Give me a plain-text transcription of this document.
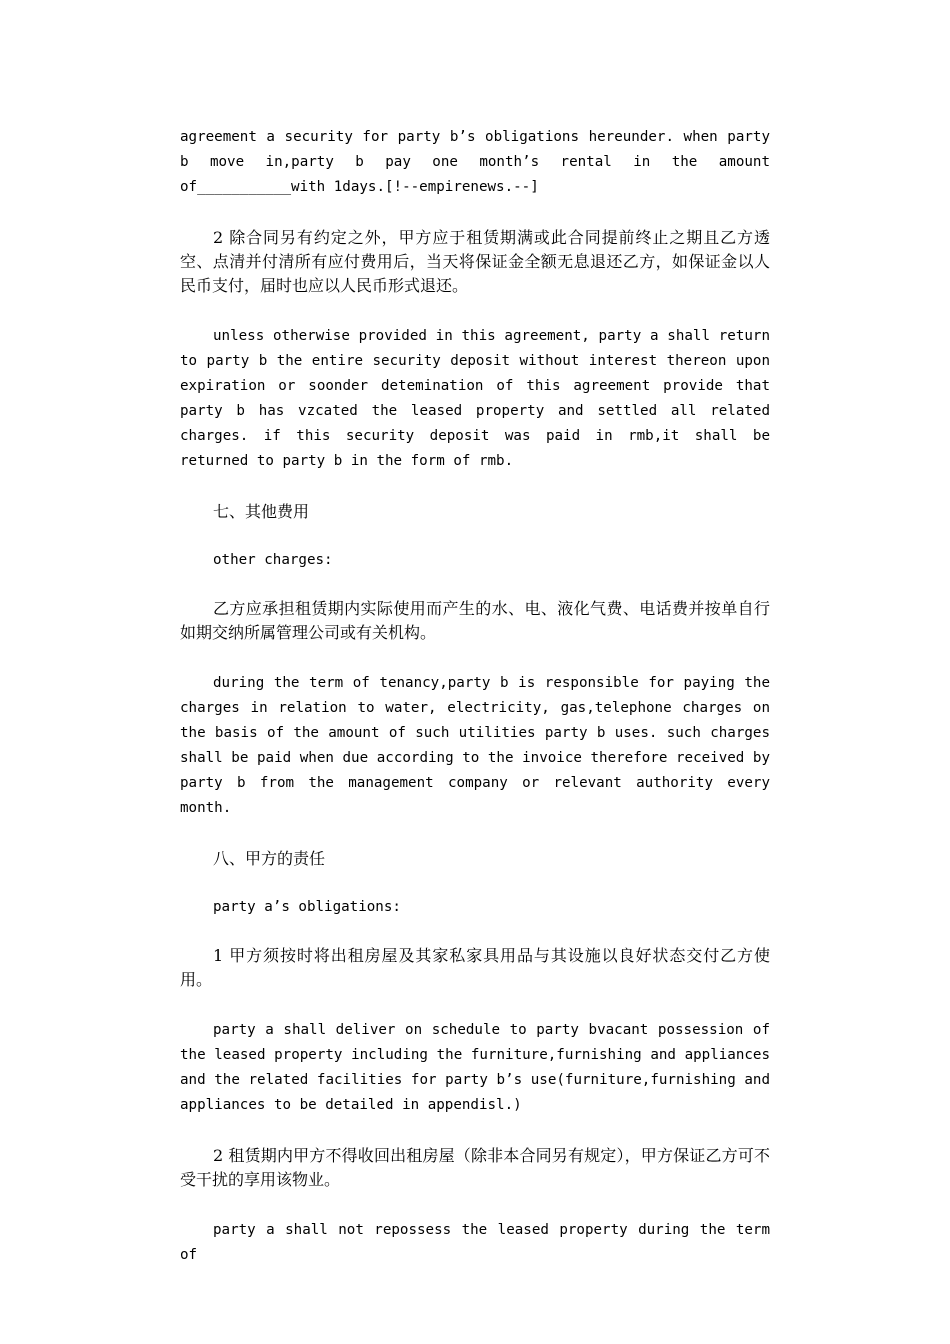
agreement a security for party b’s obligations hereunder. when party b move in,party b pay one month’s rental in the amount of___________with 1days.[!--empirenews.--]

2 除合同另有约定之外，甲方应于租赁期满或此合同提前终止之期且乙方透空、点清并付清所有应付费用后，当天将保证金全额无息退还乙方，如保证金以人民币支付，届时也应以人民币形式退还。

unless otherwise provided in this agreement, party a shall return to party b the entire security deposit without interest thereon upon expiration or soonder detemination of this agreement provide that party b has vzcated the leased property and settled all related charges. if this security deposit was paid in rmb,it shall be returned to party b in the form of rmb.

七、其他费用

other charges:

乙方应承担租赁期内实际使用而产生的水、电、液化气费、电话费并按单自行如期交纳所属管理公司或有关机构。

during the term of tenancy,party b is responsible for paying the charges in relation to water, electricity, gas,telephone charges on the basis of the amount of such utilities party b uses. such charges shall be paid when due according to the invoice therefore received by party b from the management company or relevant authority every month.

八、甲方的责任

party a’s obligations:

1 甲方须按时将出租房屋及其家私家具用品与其设施以良好状态交付乙方使用。

party a shall deliver on schedule to party bvacant possession of the leased property including the furniture,furnishing and appliances and the related facilities for party b’s use(furniture,furnishing and appliances to be detailed in appendisl.)

2 租赁期内甲方不得收回出租房屋（除非本合同另有规定），甲方保证乙方可不受干扰的享用该物业。

party a shall not repossess the leased property during the term of
